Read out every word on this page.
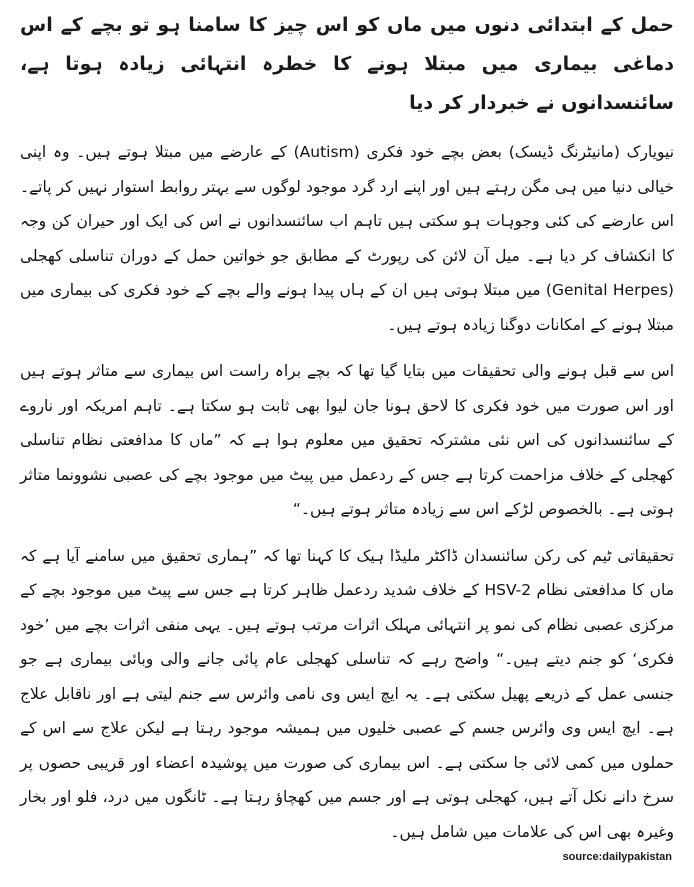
حمل کے ابتدائی دنوں میں ماں کو اس چیز کا سامنا ہو تو بچے کے اس دماغی بیماری میں مبتلا ہونے کا خطرہ انتہائی زیادہ ہوتا ہے، سائنسدانوں نے خبردار کر دیا

نیویارک (مانیٹرنگ ڈیسک) بعض بچے خود فکری (Autism) کے عارضے میں مبتلا ہوتے ہیں۔ وہ اپنی خیالی دنیا میں ہی مگن رہتے ہیں اور اپنے ارد گرد موجود لوگوں سے بہتر روابط استوار نہیں کر پاتے۔ اس عارضے کی کئی وجوہات ہو سکتی ہیں تاہم اب سائنسدانوں نے اس کی ایک اور حیران کن وجہ کا انکشاف کر دیا ہے۔ میل آن لائن کی رپورٹ کے مطابق جو خواتین حمل کے دوران تناسلی کھجلی (Genital Herpes) میں مبتلا ہوتی ہیں ان کے ہاں پیدا ہونے والے بچے کے خود فکری کی بیماری میں مبتلا ہونے کے امکانات دوگنا زیادہ ہوتے ہیں۔

اس سے قبل ہونے والی تحقیقات میں بتایا گیا تھا کہ بچے براہ راست اس بیماری سے متاثر ہوتے ہیں اور اس صورت میں خود فکری کا لاحق ہونا جان لیوا بھی ثابت ہو سکتا ہے۔ تاہم امریکہ اور ناروے کے سائنسدانوں کی اس نئی مشترکہ تحقیق میں معلوم ہوا ہے کہ ”ماں کا مدافعتی نظام تناسلی کھجلی کے خلاف مزاحمت کرتا ہے جس کے ردعمل میں پیٹ میں موجود بچے کی عصبی نشوونما متاثر ہوتی ہے۔ بالخصوص لڑکے اس سے زیادہ متاثر ہوتے ہیں۔“

تحقیقاتی ٹیم کی رکن سائنسدان ڈاکٹر ملیڈا ہیک کا کہنا تھا کہ ”ہماری تحقیق میں سامنے آیا ہے کہ ماں کا مدافعتی نظام HSV-2 کے خلاف شدید ردعمل ظاہر کرتا ہے جس سے پیٹ میں موجود بچے کے مرکزی عصبی نظام کی نمو پر انتہائی مہلک اثرات مرتب ہوتے ہیں۔ یہی منفی اثرات بچے میں ’خود فکری‘ کو جنم دیتے ہیں۔“ واضح رہے کہ تناسلی کھجلی عام پائی جانے والی وبائی بیماری ہے جو جنسی عمل کے ذریعے پھیل سکتی ہے۔ یہ ایچ ایس وی نامی وائرس سے جنم لیتی ہے اور ناقابل علاج ہے۔ ایچ ایس وی وائرس جسم کے عصبی خلیوں میں ہمیشہ موجود رہتا ہے لیکن علاج سے اس کے حملوں میں کمی لائی جا سکتی ہے۔ اس بیماری کی صورت میں پوشیدہ اعضاء اور قریبی حصوں پر سرخ دانے نکل آتے ہیں، کھجلی ہوتی ہے اور جسم میں کھچاؤ رہتا ہے۔ ٹانگوں میں درد، فلو اور بخار وغیرہ بھی اس کی علامات میں شامل ہیں۔

source:dailypakistan
